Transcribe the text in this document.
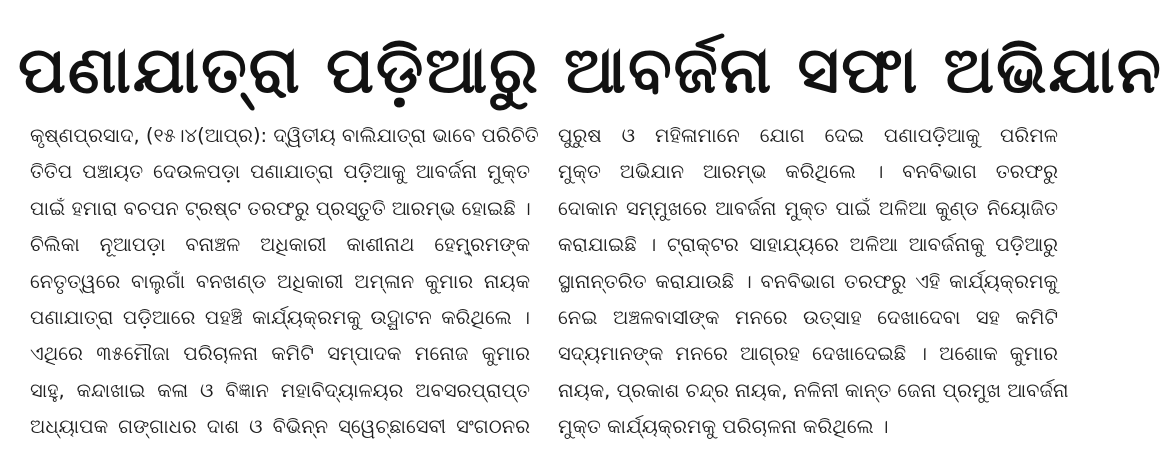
ପଣାଯାତ୍ରା ପଡ଼ିଆରୁ ଆବର୍ଜନା ସଫା ଅଭିଯାନ
କୃଷ୍ଣପ୍ରସାଦ, (୧୫।୪(ଆପ୍ର): ଦ୍ୱିତୀୟ ବାଲିଯାତ୍ରା ଭାବେ ପରିଚିତି
ତିତିପ ପଞ୍ଚାୟତ ଦେଉଳପଡ଼ା ପଣାଯାତ୍ରା ପଡ଼ିଆକୁ ଆବର୍ଜନା ମୁକ୍ତ
ପାଇଁ ହମାରା ବଚପନ ଟ୍ରଷ୍ଟ ତରଫରୁ ପ୍ରସ୍ତୁତି ଆରମ୍ଭ ହୋଇଛି ।
ଚିଲିକା ନୂଆପଡ଼ା ବନାଞ୍ଚଳ ଅଧିକାରୀ କାଶୀନାଥ ହେମ୍ବ୍ରମଙ୍କ
ନେତୃତ୍ୱରେ ବାଲୁଗାଁ ବନଖଣ୍ଡ ଅଧିକାରୀ ଅମ୍ଳାନ କୁମାର ନାୟକ
ପଣାଯାତ୍ରା ପଡ଼ିଆରେ ପହଞ୍ଚି କାର୍ଯ୍ୟକ୍ରମକୁ ଉଦ୍ଘାଟନ କରିଥିଲେ ।
ଏଥିରେ ୩୫ମୌଜା ପରିଚାଳନା କମିଟି ସମ୍ପାଦକ ମନୋଜ କୁମାର
ସାହୁ, କନ୍ଦାଖାଇ କଳା ଓ ବିଜ୍ଞାନ ମହାବିଦ୍ୟାଳୟର ଅବସରପ୍ରାପ୍ତ
ଅଧ୍ୟାପକ ଗଙ୍ଗାଧର ଦାଶ ଓ ବିଭିନ୍ନ ସ୍ୱେଚ୍ଛାସେବୀ ସଂଗଠନର
ପୁରୁଷ ଓ ମହିଳାମାନେ ଯୋଗ ଦେଇ ପଣାପଡ଼ିଆକୁ ପରିମଳ
ମୁକ୍ତ ଅଭିଯାନ ଆରମ୍ଭ କରିଥିଲେ । ବନବିଭାଗ ତରଫରୁ
ଦୋକାନ ସମ୍ମୁଖରେ ଆବର୍ଜନା ମୁକ୍ତ ପାଇଁ ଅଳିଆ କୁଣ୍ଡ ନିୟୋଜିତ
କରାଯାଇଛି । ଟ୍ରାକ୍ଟର ସାହାଯ୍ୟରେ ଅଳିଆ ଆବର୍ଜନାକୁ ପଡ଼ିଆରୁ
ସ୍ଥାନାନ୍ତରିତ କରାଯାଉଛି । ବନବିଭାଗ ତରଫରୁ ଏହି କାର୍ଯ୍ୟକ୍ରମକୁ
ନେଇ ଅଞ୍ଚଳବାସୀଙ୍କ ମନରେ ଉତ୍ସାହ ଦେଖାଦେବା ସହ କମିଟି
ସଦ୍ୟମାନଙ୍କ ମନରେ ଆଗ୍ରହ ଦେଖାଦେଇଛି । ଅଶୋକ କୁମାର
ନାୟକ, ପ୍ରକାଶ ଚନ୍ଦ୍ର ନାୟକ, ନଳିନୀ କାନ୍ତ ଜେନା ପ୍ରମୁଖ ଆବର୍ଜନା
ମୁକ୍ତ କାର୍ଯ୍ୟକ୍ରମକୁ ପରିଚାଳନା କରିଥିଲେ ।
